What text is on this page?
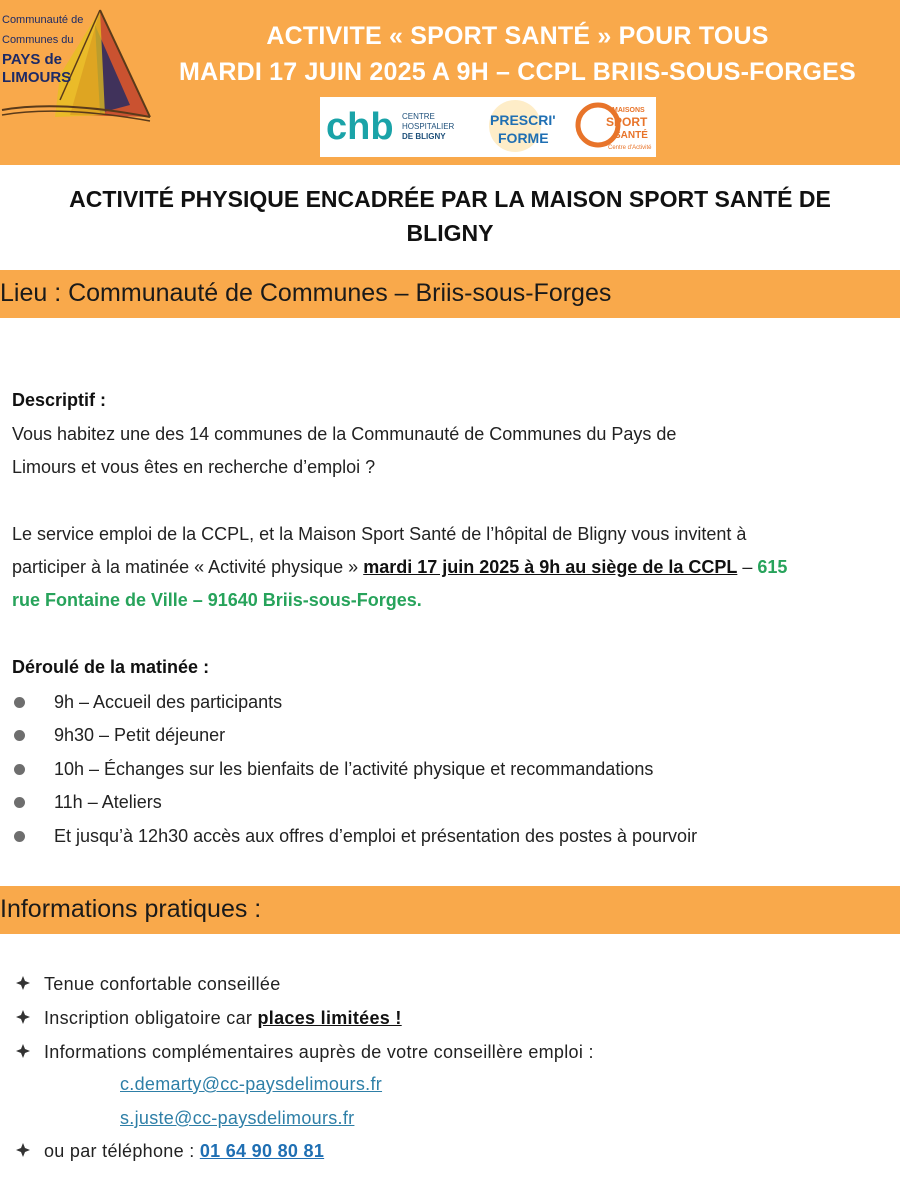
Communauté de
Communes du
PAYS de
LIMOURS
ACTIVITE « SPORT SANTÉ » POUR TOUS
MARDI 17 JUIN 2025 A 9H – CCPL BRIIS-SOUS-FORGES
chb CENTRE
HOSPITALIER
DE BLIGNY
PRESCRI'
FORME
MAISONS
SPORT
SANTÉ
Centre d'Activité
ACTIVITÉ PHYSIQUE ENCADRÉE PAR LA MAISON SPORT SANTÉ DE
BLIGNY
Lieu : Communauté de Communes – Briis-sous-Forges
Descriptif :
Vous habitez une des 14 communes de la Communauté de Communes du Pays de
Limours et vous êtes en recherche d’emploi ?
Le service emploi de la CCPL, et la Maison Sport Santé de l’hôpital de Bligny vous invitent à
participer à la matinée « Activité physique » mardi 17 juin 2025 à 9h au siège de la CCPL – 615
rue Fontaine de Ville – 91640 Briis-sous-Forges.
Déroulé de la matinée :
9h – Accueil des participants
9h30 – Petit déjeuner
10h – Échanges sur les bienfaits de l’activité physique et recommandations
11h – Ateliers
Et jusqu’à 12h30 accès aux offres d’emploi et présentation des postes à pourvoir
Informations pratiques :
Tenue confortable conseillée
Inscription obligatoire car places limitées !
Informations complémentaires auprès de votre conseillère emploi :
c.demarty@cc-paysdelimours.fr
s.juste@cc-paysdelimours.fr
ou par téléphone : 01 64 90 80 81
